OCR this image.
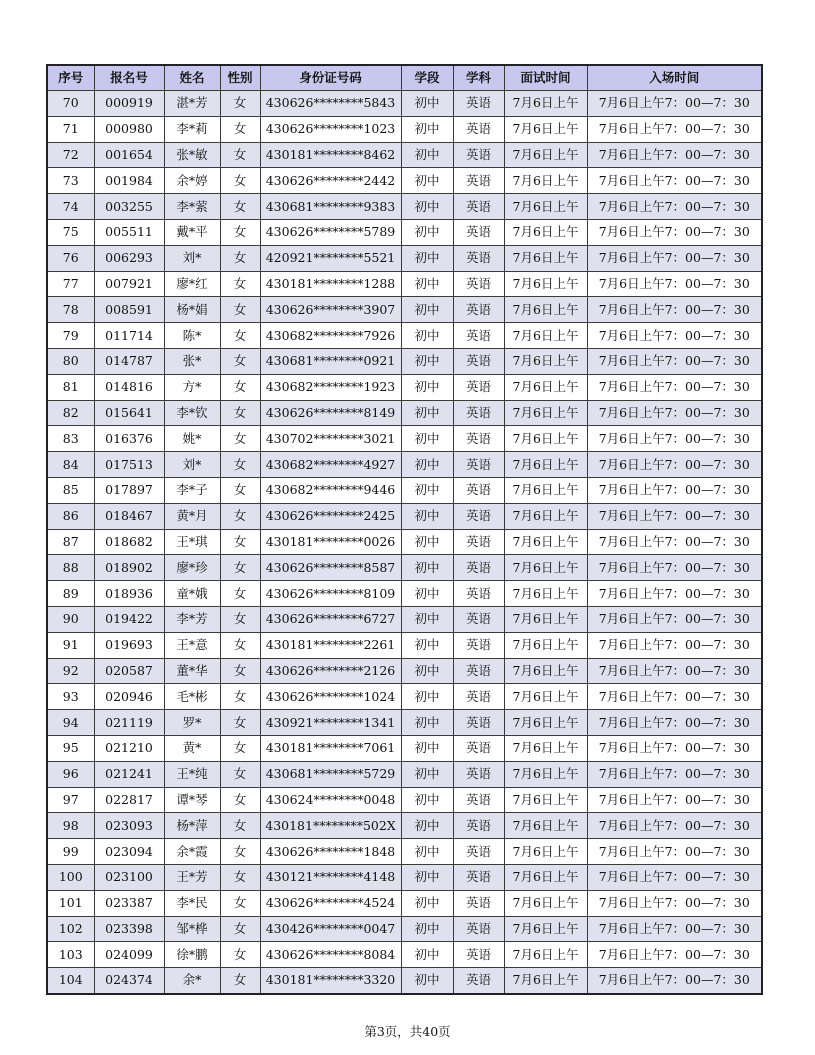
序号	报名号	姓名	性别	身份证号码	学段	学科	面试时间	入场时间
70	000919	湛*芳	女	430626********5843	初中	英语	7月6日上午	7月6日上午7：00—7：30
71	000980	李*莉	女	430626********1023	初中	英语	7月6日上午	7月6日上午7：00—7：30
72	001654	张*敏	女	430181********8462	初中	英语	7月6日上午	7月6日上午7：00—7：30
73	001984	余*婷	女	430626********2442	初中	英语	7月6日上午	7月6日上午7：00—7：30
74	003255	李*萦	女	430681********9383	初中	英语	7月6日上午	7月6日上午7：00—7：30
75	005511	戴*平	女	430626********5789	初中	英语	7月6日上午	7月6日上午7：00—7：30
76	006293	刘*	女	420921********5521	初中	英语	7月6日上午	7月6日上午7：00—7：30
77	007921	廖*红	女	430181********1288	初中	英语	7月6日上午	7月6日上午7：00—7：30
78	008591	杨*娟	女	430626********3907	初中	英语	7月6日上午	7月6日上午7：00—7：30
79	011714	陈*	女	430682********7926	初中	英语	7月6日上午	7月6日上午7：00—7：30
80	014787	张*	女	430681********0921	初中	英语	7月6日上午	7月6日上午7：00—7：30
81	014816	方*	女	430682********1923	初中	英语	7月6日上午	7月6日上午7：00—7：30
82	015641	李*钦	女	430626********8149	初中	英语	7月6日上午	7月6日上午7：00—7：30
83	016376	姚*	女	430702********3021	初中	英语	7月6日上午	7月6日上午7：00—7：30
84	017513	刘*	女	430682********4927	初中	英语	7月6日上午	7月6日上午7：00—7：30
85	017897	李*子	女	430682********9446	初中	英语	7月6日上午	7月6日上午7：00—7：30
86	018467	黄*月	女	430626********2425	初中	英语	7月6日上午	7月6日上午7：00—7：30
87	018682	王*琪	女	430181********0026	初中	英语	7月6日上午	7月6日上午7：00—7：30
88	018902	廖*珍	女	430626********8587	初中	英语	7月6日上午	7月6日上午7：00—7：30
89	018936	童*娥	女	430626********8109	初中	英语	7月6日上午	7月6日上午7：00—7：30
90	019422	李*芳	女	430626********6727	初中	英语	7月6日上午	7月6日上午7：00—7：30
91	019693	王*意	女	430181********2261	初中	英语	7月6日上午	7月6日上午7：00—7：30
92	020587	董*华	女	430626********2126	初中	英语	7月6日上午	7月6日上午7：00—7：30
93	020946	毛*彬	女	430626********1024	初中	英语	7月6日上午	7月6日上午7：00—7：30
94	021119	罗*	女	430921********1341	初中	英语	7月6日上午	7月6日上午7：00—7：30
95	021210	黄*	女	430181********7061	初中	英语	7月6日上午	7月6日上午7：00—7：30
96	021241	王*纯	女	430681********5729	初中	英语	7月6日上午	7月6日上午7：00—7：30
97	022817	谭*琴	女	430624********0048	初中	英语	7月6日上午	7月6日上午7：00—7：30
98	023093	杨*萍	女	430181********502X	初中	英语	7月6日上午	7月6日上午7：00—7：30
99	023094	余*霞	女	430626********1848	初中	英语	7月6日上午	7月6日上午7：00—7：30
100	023100	王*芳	女	430121********4148	初中	英语	7月6日上午	7月6日上午7：00—7：30
101	023387	李*民	女	430626********4524	初中	英语	7月6日上午	7月6日上午7：00—7：30
102	023398	邹*桦	女	430426********0047	初中	英语	7月6日上午	7月6日上午7：00—7：30
103	024099	徐*鹏	女	430626********8084	初中	英语	7月6日上午	7月6日上午7：00—7：30
104	024374	余*	女	430181********3320	初中	英语	7月6日上午	7月6日上午7：00—7：30
第3页，共40页
